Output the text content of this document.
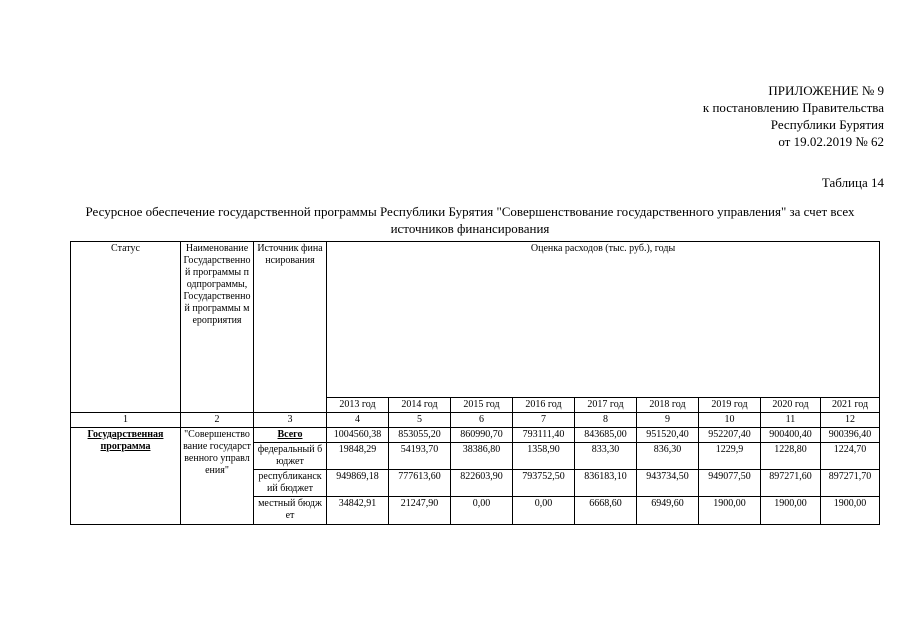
ПРИЛОЖЕНИЕ № 9
к постановлению Правительства
Республики Бурятия
от 19.02.2019 № 62
Таблица 14
Ресурсное обеспечение государственной программы Республики Бурятия "Совершенствование государственного управления" за счет всех источников финансирования
Статус	Наименование Государственной программы подпрограммы, Государственной программы мероприятия	Источник финансирования	Оценка расходов (тыс. руб.), годы								
			2013 год	2014 год	2015 год	2016 год	2017 год	2018 год	2019 год	2020 год	2021 год
1	2	3	4	5	6	7	8	9	10	11	12
Государственная программа	"Совершенствование государственного управления"	Всего	1004560,38	853055,20	860990,70	793111,40	843685,00	951520,40	952207,40	900400,40	900396,40
		федеральный бюджет	19848,29	54193,70	38386,80	1358,90	833,30	836,30	1229,9	1228,80	1224,70
		республиканский бюджет	949869,18	777613,60	822603,90	793752,50	836183,10	943734,50	949077,50	897271,60	897271,70
		местный бюджет	34842,91	21247,90	0,00	0,00	6668,60	6949,60	1900,00	1900,00	1900,00
